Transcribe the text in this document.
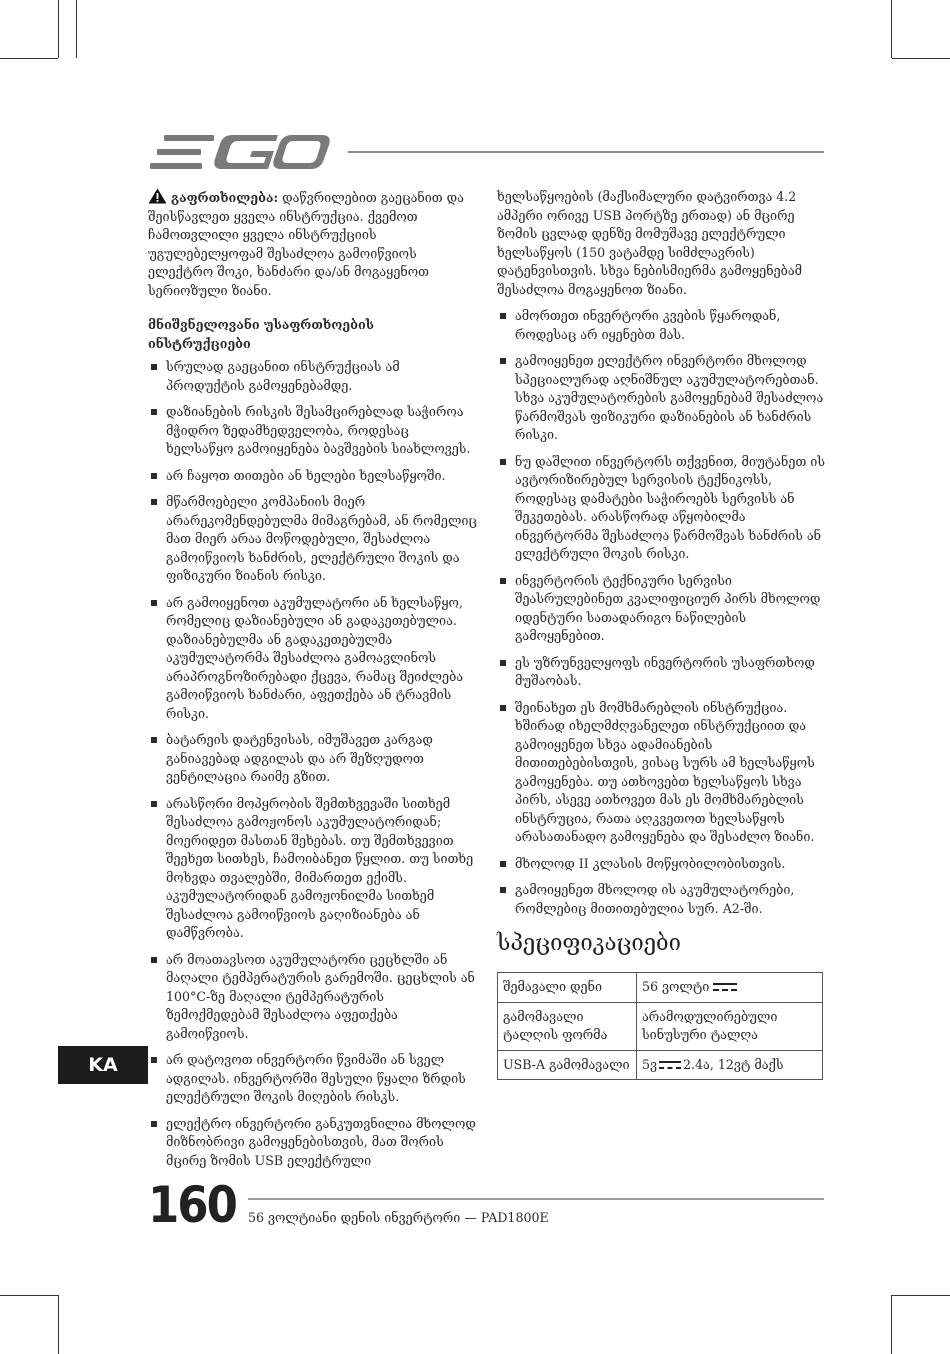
გაფრთხილება: დაწვრილებით გაეცანით და შეისწავლეთ ყველა ინსტრუქცია. ქვემოთ ჩამოთვლილი ყველა ინსტრუქციის უგულებელყოფამ შესაძლოა გამოიწვიოს ელექტრო შოკი, ხანძარი და/ან მოგაყენოთ სერიოზული ზიანი.

მნიშვნელოვანი უსაფრთხოების ინსტრუქციები

სრულად გაეცანით ინსტრუქციას ამ პროდუქტის გამოყენებამდე.
დაზიანების რისკის შესამცირებლად საჭიროა მჭიდრო ზედამხედველობა, როდესაც ხელსაწყო გამოიყენება ბავშვების სიახლოვეს.
არ ჩაყოთ თითები ან ხელები ხელსაწყოში.
მწარმოებელი კომპანიის მიერ არარეკომენდებულმა მიმაგრებამ, ან რომელიც მათ მიერ არაა მოწოდებული, შესაძლოა გამოიწვიოს ხანძრის, ელექტრული შოკის და ფიზიკური ზიანის რისკი.
არ გამოიყენოთ აკუმულატორი ან ხელსაწყო, რომელიც დაზიანებული ან გადაკეთებულია. დაზიანებულმა ან გადაკეთებულმა აკუმულატორმა შესაძლოა გამოავლინოს არაპროგნოზირებადი ქცევა, რამაც შეიძლება გამოიწვიოს ხანძარი, აფეთქება ან ტრავმის რისკი.
ბატარეის დატენვისას, იმუშავეთ კარგად განიავებად ადგილას და არ შეზღუდოთ ვენტილაცია რაიმე გზით.
არასწორი მოპყრობის შემთხვევაში სითხემ შესაძლოა გამოჟონოს აკუმულატორიდან; მოერიდეთ მასთან შეხებას. თუ შემთხვევით შეეხეთ სითხეს, ჩამოიბანეთ წყლით. თუ სითხე მოხვდა თვალებში, მიმართეთ ექიმს. აკუმულატორიდან გამოჟონილმა სითხემ შესაძლოა გამოიწვიოს გაღიზიანება ან დამწვრობა.
არ მოათავსოთ აკუმულატორი ცეცხლში ან მაღალი ტემპერატურის გარემოში. ცეცხლის ან 100°C-ზე მაღალი ტემპერატურის ზემოქმედებამ შესაძლოა აფეთქება გამოიწვიოს.
არ დატოვოთ ინვერტორი წვიმაში ან სველ ადგილას. ინვერტორში შესული წყალი ზრდის ელექტრული შოკის მიღების რისკს.
ელექტრო ინვერტორი განკუთვნილია მხოლოდ მიზნობრივი გამოყენებისთვის, მათ შორის მცირე ზომის USB ელექტრული

ხელსაწყოების (მაქსიმალური დატვირთვა 4.2 ამპერი ორივე USB პორტზე ერთად) ან მცირე ზომის ცვლად დენზე მომუშავე ელექტრული ხელსაწყოს (150 ვატამდე სიმძლავრის) დატენვისთვის. სხვა ნებისმიერმა გამოყენებამ შესაძლოა მოგაყენოთ ზიანი.

ამორთეთ ინვერტორი კვების წყაროდან, როდესაც არ იყენებთ მას.
გამოიყენეთ ელექტრო ინვერტორი მხოლოდ სპეციალურად აღნიშნულ აკუმულატორებთან. სხვა აკუმულატორების გამოყენებამ შესაძლოა წარმოშვას ფიზიკური დაზიანების ან ხანძრის რისკი.
ნუ დაშლით ინვერტორს თქვენით, მიუტანეთ ის ავტორიზირებულ სერვისის ტექნიკოსს, როდესაც დამატები საჭიროებს სერვისს ან შეკეთებას. არასწორად აწყობილმა ინვერტორმა შესაძლოა წარმოშვას ხანძრის ან ელექტრული შოკის რისკი.
ინვერტორის ტექნიკური სერვისი შეასრულებინეთ კვალიფიციურ პირს მხოლოდ იდენტური სათადარიგო ნაწილების გამოყენებით.
ეს უზრუნველყოფს ინვერტორის უსაფრთხოდ მუშაობას.
შეინახეთ ეს მომხმარებლის ინსტრუქცია. ხშირად იხელმძღვანელეთ ინსტრუქციით და გამოიყენეთ სხვა ადამიანების მითითებებისთვის, ვისაც სურს ამ ხელსაწყოს გამოყენება. თუ ათხოვებთ ხელსაწყოს სხვა პირს, ასევე ათხოვეთ მას ეს მომხმარებლის ინსტრუცია, რათა აღკვეთოთ ხელსაწყოს არასათანადო გამოყენება და შესაძლო ზიანი.
მხოლოდ II კლასის მოწყობილობისთვის.
გამოიყენეთ მხოლოდ ის აკუმულატორები, რომლებიც მითითებულია სურ. A2-ში.
სპეციფიკაციები
შემავალი დენი	56 ვოლტი
გამომავალი ტალღის ფორმა	არამოდულირებული სინუსური ტალღა
USB-A გამომავალი	5ვ 2.4ა, 12ვტ მაქს
KA
160 56 ვოლტიანი დენის ინვერტორი — PAD1800E
